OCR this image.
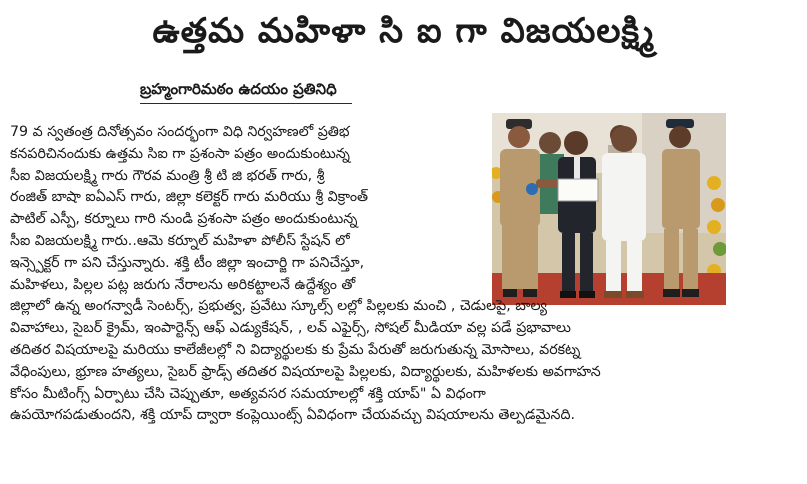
ఉత్తమ మహిళా సి ఐ గా విజయలక్ష్మి
బ్రహ్మంగారిమఠం ఉదయం ప్రతినిధి
79 వ స్వతంత్ర దినోత్సవం సందర్భంగా విధి నిర్వహణలో ప్రతిభ
కనపరిచినందుకు ఉత్తమ సిఐ గా ప్రశంసా పత్రం అందుకుంటున్న
సీఐ విజయలక్ష్మి గారు గౌరవ మంత్రి శ్రీ టి జి భరత్ గారు, శ్రీ
రంజిత్ బాషా ఐఏఎస్ గారు, జిల్లా కలెక్టర్ గారు మరియు శ్రీ విక్రాంత్
పాటిల్ ఎస్పీ, కర్నూలు గారి నుండి ప్రశంసా పత్రం అందుకుంటున్న
సీఐ విజయలక్ష్మి గారు..ఆమె కర్నూల్ మహిళా పోలీస్ స్టేషన్ లో
ఇన్స్పెక్టర్ గా పని చేస్తున్నారు. శక్తి టీం జిల్లా ఇంచార్జి గా పనిచేస్తూ,
మహిళలు, పిల్లల పట్ల జరుగు నేరాలను అరికట్టాలనే ఉద్దేశ్యం తో
జిల్లాలో ఉన్న అంగన్వాడీ సెంటర్స్, ప్రభుత్వ, ప్రవేటు స్కూల్స్ లల్లో పిల్లలకు మంచి , చెడులపై, బాల్య
వివాహాలు, సైబర్ క్రైమ్, ఇంపార్టెన్స్ ఆఫ్ ఎడ్యుకేషన్, , లవ్ ఎఫైర్స్, సోషల్ మీడియా వల్ల పడే ప్రభావాలు
తదితర విషయాలపై మరియు కాలేజీలల్లో ని విద్యార్థులకు కు ప్రేమ పేరుతో జరుగుతున్న మోసాలు, వరకట్న
వేధింపులు, భ్రూణ హత్యలు, సైబర్ ఫ్రాడ్స్ తదితర విషయాలపై పిల్లలకు, విద్యార్థులకు, మహిళలకు అవగాహన
కోసం మీటింగ్స్ ఏర్పాటు చేసి చెప్పుతూ, అత్యవసర సమయాలల్లో శక్తి యాప్" ఏ విధంగా
ఉపయోగపడుతుందని, శక్తి యాప్ ద్వారా కంప్లెయింట్స్ ఏవిధంగా చేయవచ్చు విషయాలను తెల్పడమైనది.
